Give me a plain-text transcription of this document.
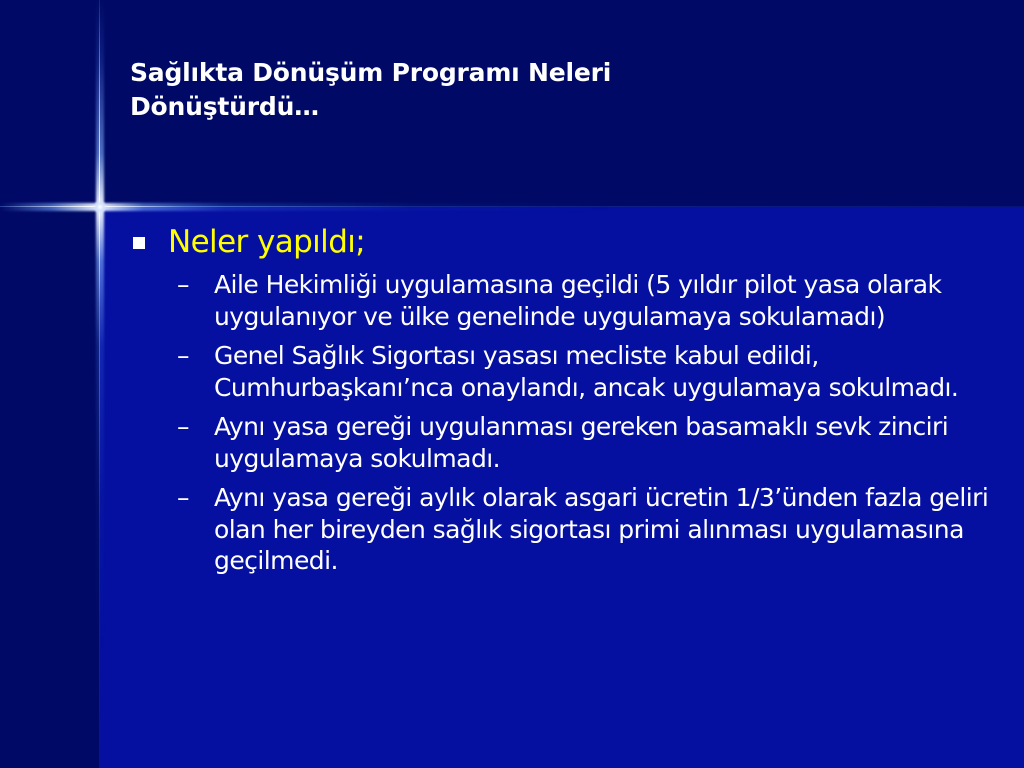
Sağlıkta Dönüşüm Programı Neleri
Dönüştürdü…
Neler yapıldı;
– Aile Hekimliği uygulamasına geçildi (5 yıldır pilot yasa olarak uygulanıyor ve ülke genelinde uygulamaya sokulamadı)
– Genel Sağlık Sigortası yasası mecliste kabul edildi, Cumhurbaşkanı’nca onaylandı, ancak uygulamaya sokulmadı.
– Aynı yasa gereği uygulanması gereken basamaklı sevk zinciri uygulamaya sokulmadı.
– Aynı yasa gereği aylık olarak asgari ücretin 1/3’ünden fazla geliri olan her bireyden sağlık sigortası primi alınması uygulamasına geçilmedi.
